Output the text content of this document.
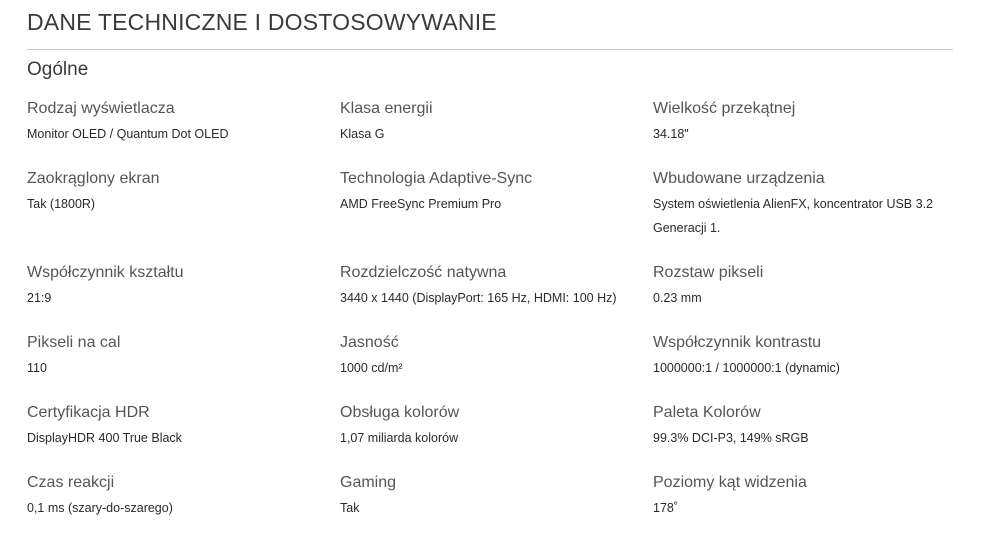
DANE TECHNICZNE I DOSTOSOWYWANIE
Ogólne
Rodzaj wyświetlacza
Monitor OLED / Quantum Dot OLED
Klasa energii
Klasa G
Wielkość przekątnej
34.18"
Zaokrąglony ekran
Tak (1800R)
Technologia Adaptive-Sync
AMD FreeSync Premium Pro
Wbudowane urządzenia
System oświetlenia AlienFX, koncentrator USB 3.2 Generacji 1.
Współczynnik kształtu
21:9
Rozdzielczość natywna
3440 x 1440 (DisplayPort: 165 Hz, HDMI: 100 Hz)
Rozstaw pikseli
0.23 mm
Pikseli na cal
110
Jasność
1000 cd/m²
Współczynnik kontrastu
1000000:1 / 1000000:1 (dynamic)
Certyfikacja HDR
DisplayHDR 400 True Black
Obsługa kolorów
1,07 miliarda kolorów
Paleta Kolorów
99.3% DCI-P3, 149% sRGB
Czas reakcji
0,1 ms (szary-do-szarego)
Gaming
Tak
Poziomy kąt widzenia
178˚
